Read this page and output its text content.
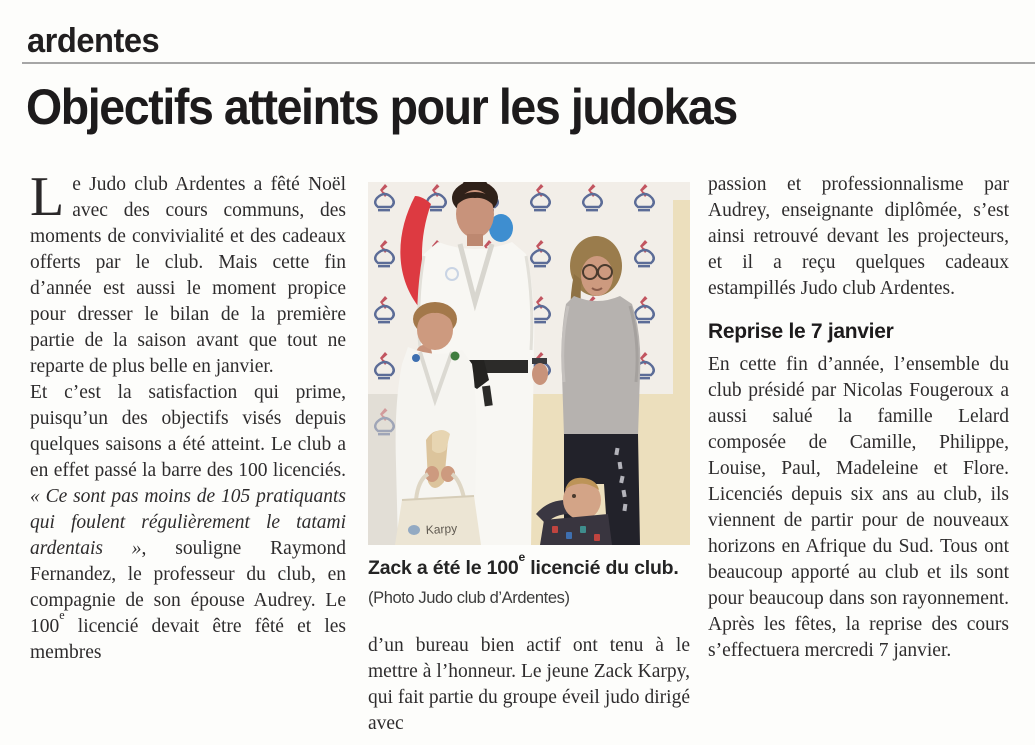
ardentes
Objectifs atteints pour les judokas

Le Judo club Ardentes a fêté Noël avec des cours communs, des moments de convivialité et des cadeaux offerts par le club. Mais cette fin d’année est aussi le moment propice pour dresser le bilan de la première partie de la saison avant que tout ne reparte de plus belle en janvier.

Et c’est la satisfaction qui prime, puisqu’un des objectifs visés depuis quelques saisons a été atteint. Le club a en effet passé la barre des 100 licenciés. « Ce sont pas moins de 105 pratiquants qui foulent régulièrement le tatami ardentais », souligne Raymond Fernandez, le professeur du club, en compagnie de son épouse Audrey. Le 100e licencié devait être fêté et les membres

Karpy
Zack a été le 100e licencié du club. (Photo Judo club d’Ardentes)

d’un bureau bien actif ont tenu à le mettre à l’honneur. Le jeune Zack Karpy, qui fait partie du groupe éveil judo dirigé avec

passion et professionnalisme par Audrey, enseignante diplômée, s’est ainsi retrouvé devant les projecteurs, et il a reçu quelques cadeaux estampillés Judo club Ardentes.

Reprise le 7 janvier

En cette fin d’année, l’ensemble du club présidé par Nicolas Fougeroux a aussi salué la famille Lelard composée de Camille, Philippe, Louise, Paul, Madeleine et Flore. Licenciés depuis six ans au club, ils viennent de partir pour de nouveaux horizons en Afrique du Sud. Tous ont beaucoup apporté au club et ils sont pour beaucoup dans son rayonnement. Après les fêtes, la reprise des cours s’effectuera mercredi 7 janvier.
